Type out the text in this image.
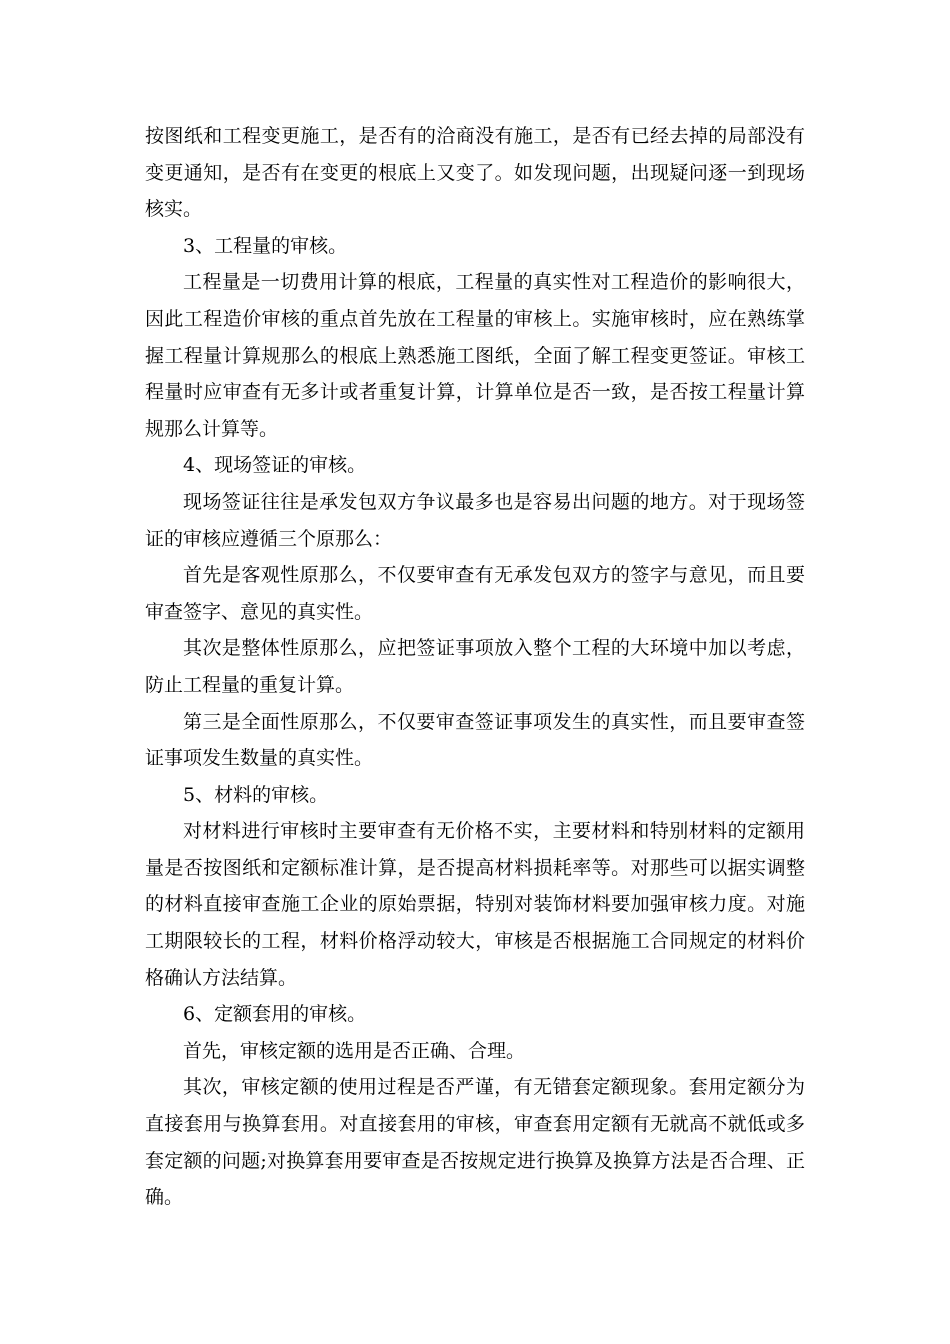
按图纸和工程变更施工，是否有的洽商没有施工，是否有已经去掉的局部没有变更通知，是否有在变更的根底上又变了。如发现问题，出现疑问逐一到现场核实。

3、工程量的审核。

工程量是一切费用计算的根底，工程量的真实性对工程造价的影响很大，因此工程造价审核的重点首先放在工程量的审核上。实施审核时，应在熟练掌握工程量计算规那么的根底上熟悉施工图纸，全面了解工程变更签证。审核工程量时应审查有无多计或者重复计算，计算单位是否一致，是否按工程量计算规那么计算等。

4、现场签证的审核。

现场签证往往是承发包双方争议最多也是容易出问题的地方。对于现场签证的审核应遵循三个原那么：

首先是客观性原那么，不仅要审查有无承发包双方的签字与意见，而且要审查签字、意见的真实性。

其次是整体性原那么，应把签证事项放入整个工程的大环境中加以考虑，防止工程量的重复计算。

第三是全面性原那么，不仅要审查签证事项发生的真实性，而且要审查签证事项发生数量的真实性。

5、材料的审核。

对材料进行审核时主要审查有无价格不实，主要材料和特别材料的定额用量是否按图纸和定额标准计算，是否提高材料损耗率等。对那些可以据实调整的材料直接审查施工企业的原始票据，特别对装饰材料要加强审核力度。对施工期限较长的工程，材料价格浮动较大，审核是否根据施工合同规定的材料价格确认方法结算。

6、定额套用的审核。

首先，审核定额的选用是否正确、合理。

其次，审核定额的使用过程是否严谨，有无错套定额现象。套用定额分为直接套用与换算套用。对直接套用的审核，审查套用定额有无就高不就低或多套定额的问题;对换算套用要审查是否按规定进行换算及换算方法是否合理、正确。
